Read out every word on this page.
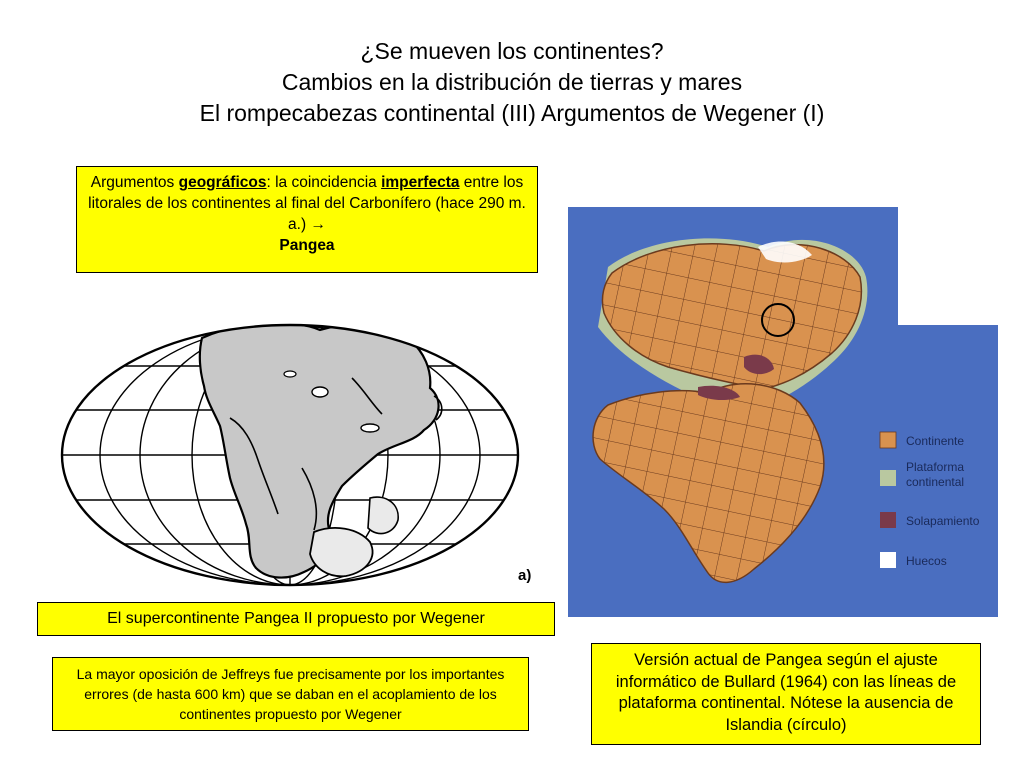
¿Se mueven los continentes?
Cambios en la distribución de tierras y mares
El rompecabezas continental (III) Argumentos de Wegener (I)
Argumentos geográficos: la coincidencia imperfecta entre los litorales de los continentes al final del Carbonífero (hace 290 m. a.) →
Pangea
a)
Continente
Plataforma
continental
Solapamiento
Huecos
El supercontinente Pangea II propuesto por Wegener
La mayor oposición de Jeffreys fue precisamente por los importantes errores (de hasta 600 km) que se daban en el acoplamiento de los continentes propuesto por Wegener
Versión actual de Pangea según el ajuste informático de Bullard (1964) con las líneas de plataforma continental. Nótese la ausencia de Islandia (círculo)
